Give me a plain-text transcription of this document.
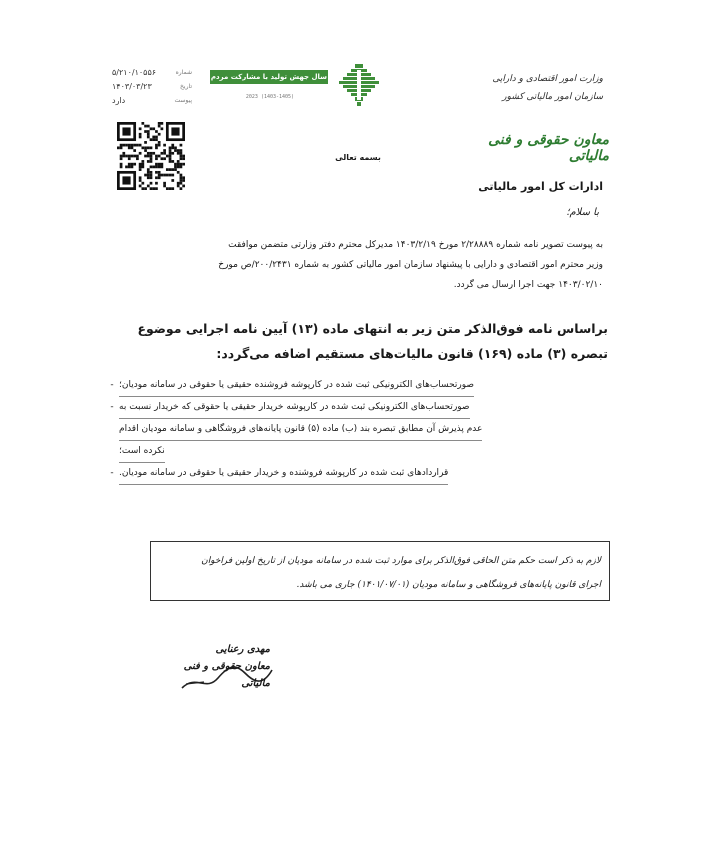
وزارت امور اقتصادی و دارایی
سازمان امور مالیاتی کشور
سال جهش تولید با مشارکت مردم
2023 (1403-1405)
شماره
۵/۲۱۰/۱۰۵۵۶
تاریخ
۱۴۰۳/۰۳/۲۳
پیوست
دارد
معاون حقوقی و فنی مالیاتی
بسمه تعالی
ادارات کل امور مالیاتی
با سلام؛
به پیوست تصویر نامه شماره ۲/۲۸۸۸۹ مورخ ۱۴۰۳/۲/۱۹ مدیرکل محترم دفتر وزارتی متضمن موافقت
وزیر محترم امور اقتصادی و دارایی با پیشنهاد سازمان امور مالیاتی کشور به شماره ۲۰۰/۲۴۳۱/ص مورخ
۱۴۰۳/۰۲/۱۰ جهت اجرا ارسال می گردد.
براساس نامه فوق‌الذکر متن زیر به انتهای ماده (۱۳) آیین نامه اجرایی موضوع
تبصره (۳) ماده (۱۶۹) قانون مالیات‌های مستقیم اضافه می‌گردد:
- صورتحساب‌های الکترونیکی ثبت شده در کارپوشه فروشنده حقیقی یا حقوقی در سامانه مودیان؛
- صورتحساب‌های الکترونیکی ثبت شده در کارپوشه خریدار حقیقی یا حقوقی که خریدار نسبت به
عدم پذیرش آن مطابق تبصره بند (ب) ماده (۵) قانون پایانه‌های فروشگاهی و سامانه مودیان اقدام
نکرده است؛
- قراردادهای ثبت شده در کارپوشه فروشنده و خریدار حقیقی یا حقوقی در سامانه مودیان.
لازم به ذکر است حکم متن الحاقی فوق‌الذکر برای موارد ثبت شده در سامانه مودیان از تاریخ اولین فراخوان
اجرای قانون پایانه‌های فروشگاهی و سامانه مودیان (۱۴۰۱/۰۷/۰۱) جاری می باشد.
مهدی رعنایی
معاون حقوقی و فنی مالیاتی
